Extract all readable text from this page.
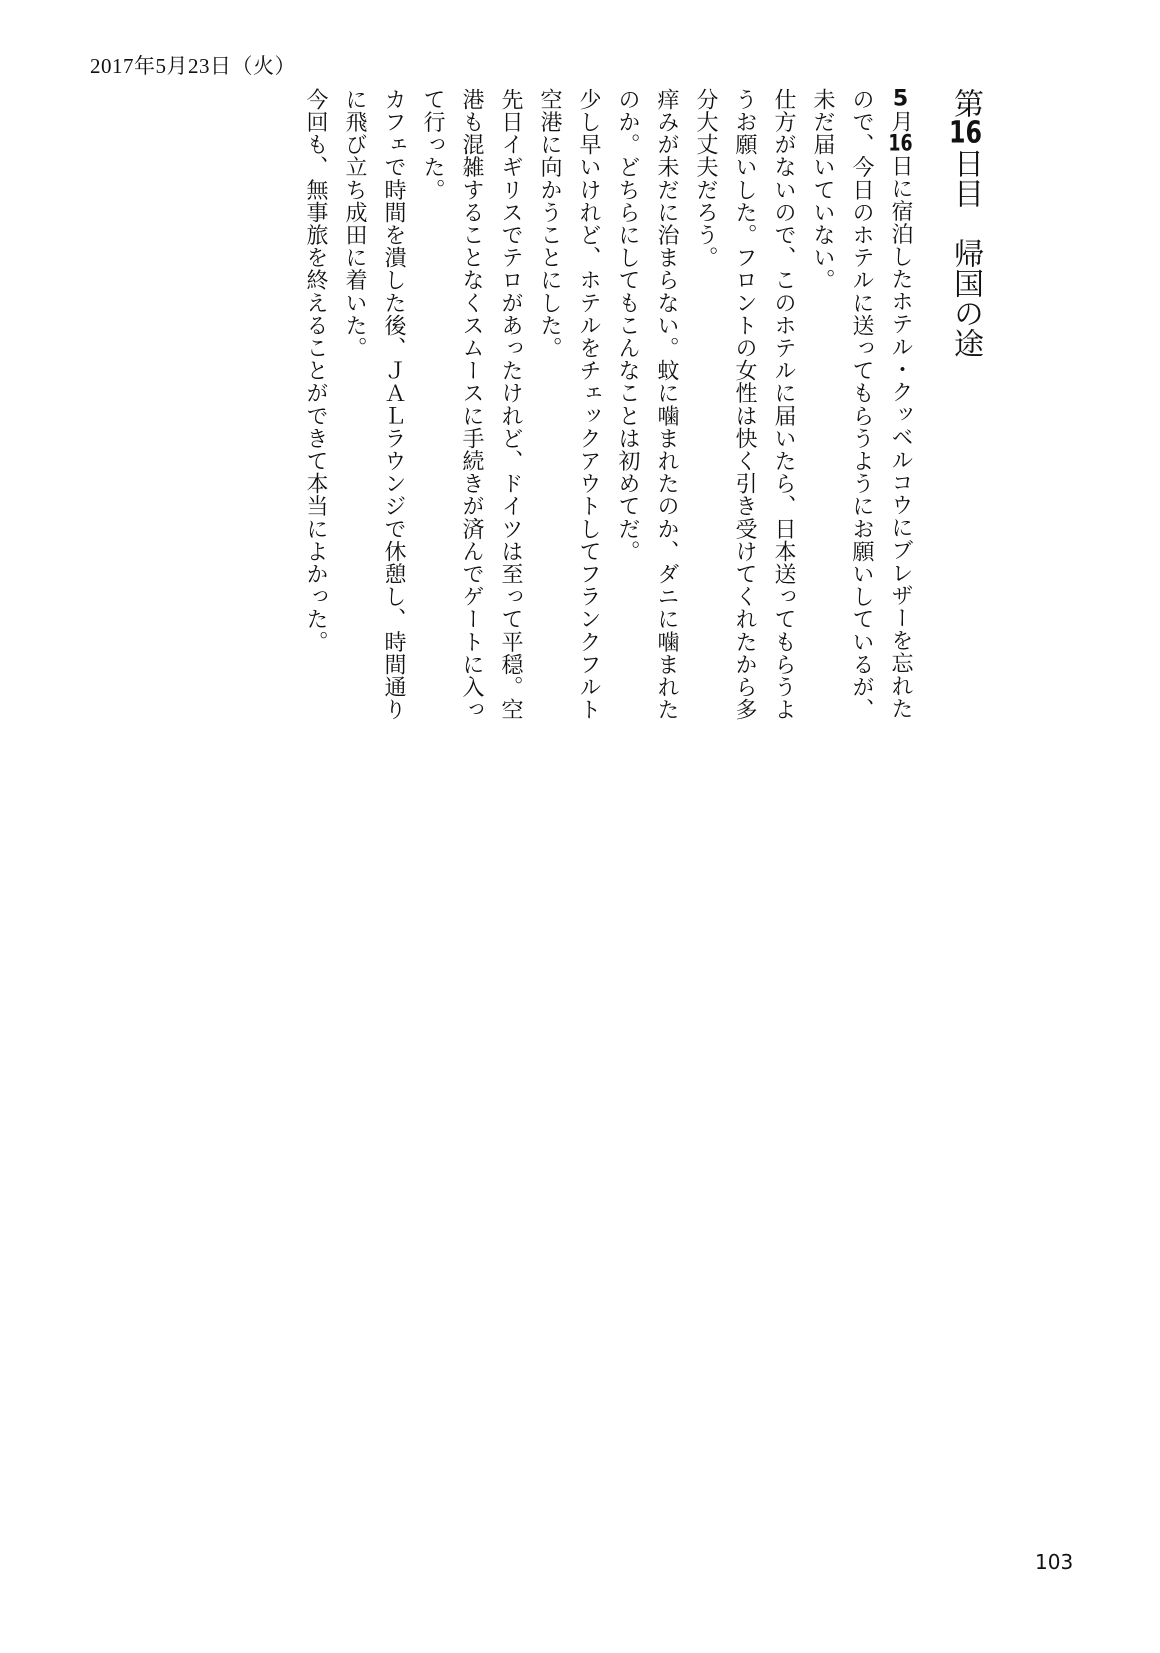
2017年5月23日（火）
第16日目帰国の途

5月16日に宿泊したホテル・クッベルコウにブレザーを忘れたので、今日のホテルに送ってもらうようにお願いしているが、未だ届いていない。

仕方がないので、このホテルに届いたら、日本送ってもらうようお願いした。フロントの女性は快く引き受けてくれたから多分大丈夫だろう。

痒みが未だに治まらない。蚊に噛まれたのか、ダニに噛まれたのか。どちらにしてもこんなことは初めてだ。

少し早いけれど、ホテルをチェックアウトしてフランクフルト空港に向かうことにした。

先日イギリスでテロがあったけれど、ドイツは至って平穏。空港も混雑することなくスムースに手続きが済んでゲートに入って行った。

カフェで時間を潰した後、ＪＡＬラウンジで休憩し、時間通りに飛び立ち成田に着いた。

今回も、無事旅を終えることができて本当によかった。

103
